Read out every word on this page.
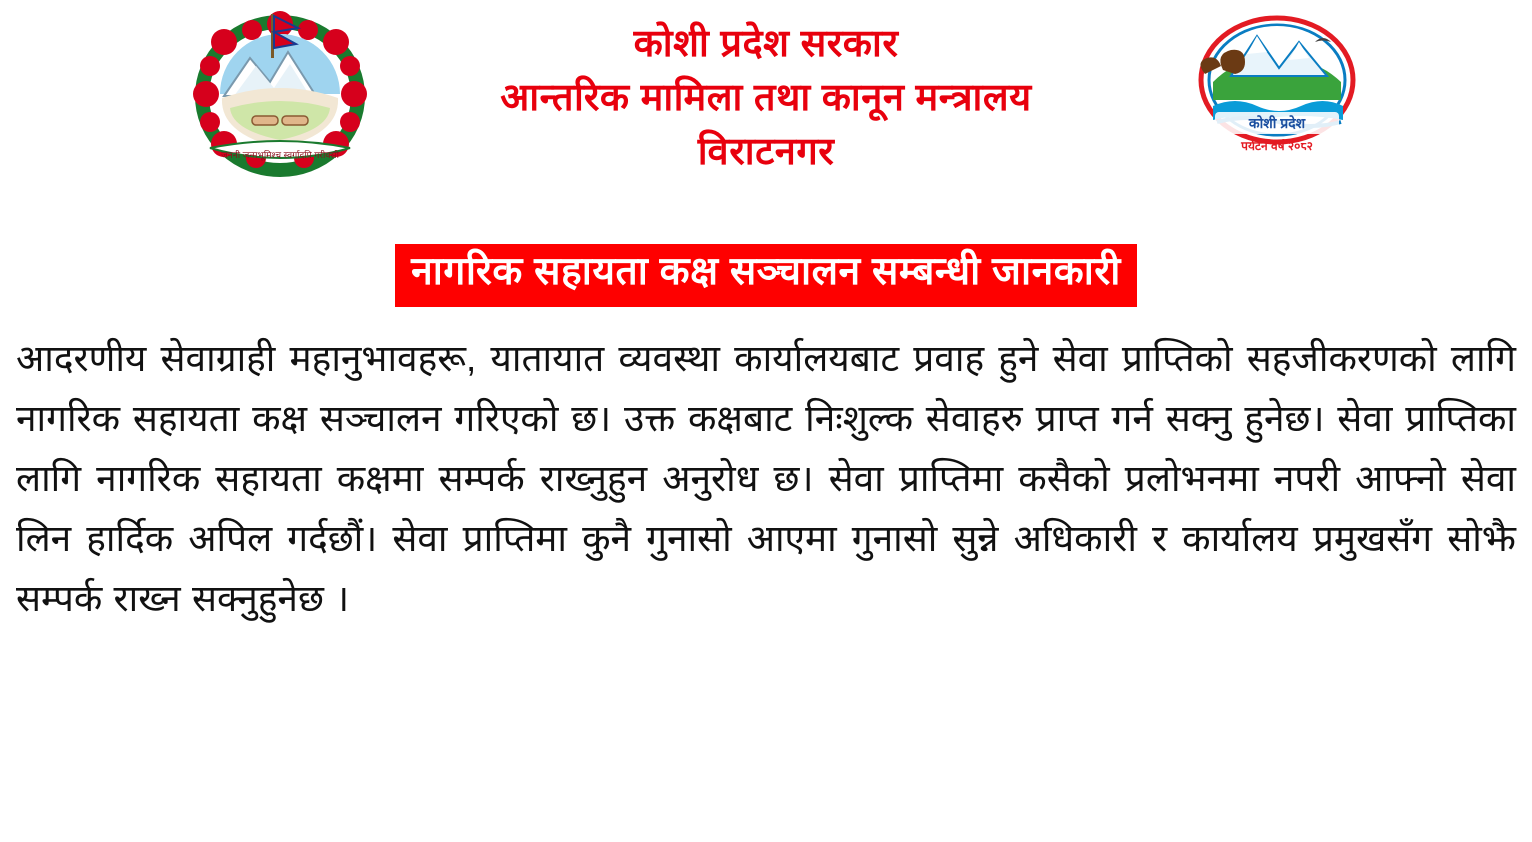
जननी जन्मभूमिश्च स्वर्गादपि गरीयसी
कोशी प्रदेश
पर्यटन वर्ष २०८२
कोशी प्रदेश सरकार
आन्तरिक मामिला तथा कानून मन्त्रालय
विराटनगर
नागरिक सहायता कक्ष सञ्चालन सम्बन्धी जानकारी
आदरणीय सेवाग्राही महानुभावहरू, यातायात व्यवस्था कार्यालयबाट प्रवाह हुने सेवा प्राप्तिको सहजीकरणको लागि नागरिक सहायता कक्ष सञ्चालन गरिएको छ। उक्त कक्षबाट निःशुल्क सेवाहरु प्राप्त गर्न सक्नु हुनेछ। सेवा प्राप्तिका लागि नागरिक सहायता कक्षमा सम्पर्क राख्नुहुन अनुरोध छ। सेवा प्राप्तिमा कसैको प्रलोभनमा नपरी आफ्नो सेवा लिन हार्दिक अपिल गर्दछौं। सेवा प्राप्तिमा कुनै गुनासो आएमा गुनासो सुन्ने अधिकारी र कार्यालय प्रमुखसँग सोझै सम्पर्क राख्न सक्नुहुनेछ ।
